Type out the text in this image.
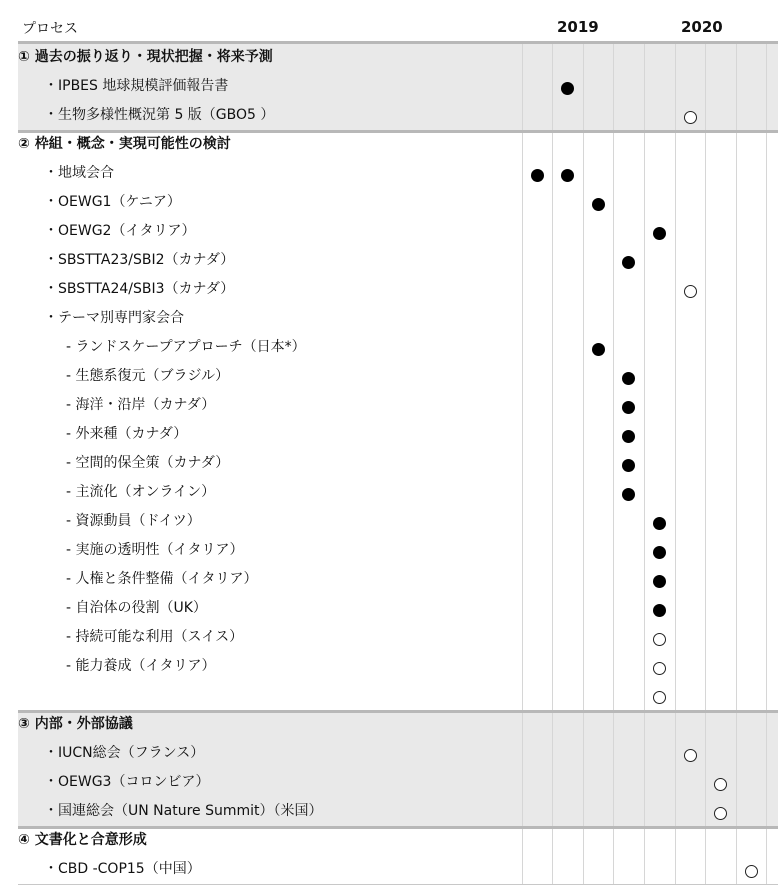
プロセス	2019	2020
① 過去の振り返り・現状把握・将来予測
・IPBES 地球規模評価報告書
・生物多様性概況第 5 版（GBO5 ）
② 枠組・概念・実現可能性の検討
・地域会合
・OEWG1（ケニア）
・OEWG2（イタリア）
・SBSTTA23/SBI2（カナダ）
・SBSTTA24/SBI3（カナダ）
・テーマ別専門家会合
- ランドスケープアプローチ（日本*）
- 生態系復元（ブラジル）
- 海洋・沿岸（カナダ）
- 外来種（カナダ）
- 空間的保全策（カナダ）
- 主流化（オンライン）
- 資源動員（ドイツ）
- 実施の透明性（イタリア）
- 人権と条件整備（イタリア）
- 自治体の役割（UK）
- 持続可能な利用（スイス）
- 能力養成（イタリア）
③ 内部・外部協議
・IUCN総会（フランス）
・OEWG3（コロンビア）
・国連総会（UN Nature Summit）（米国）
④ 文書化と合意形成
・CBD -COP15（中国）
